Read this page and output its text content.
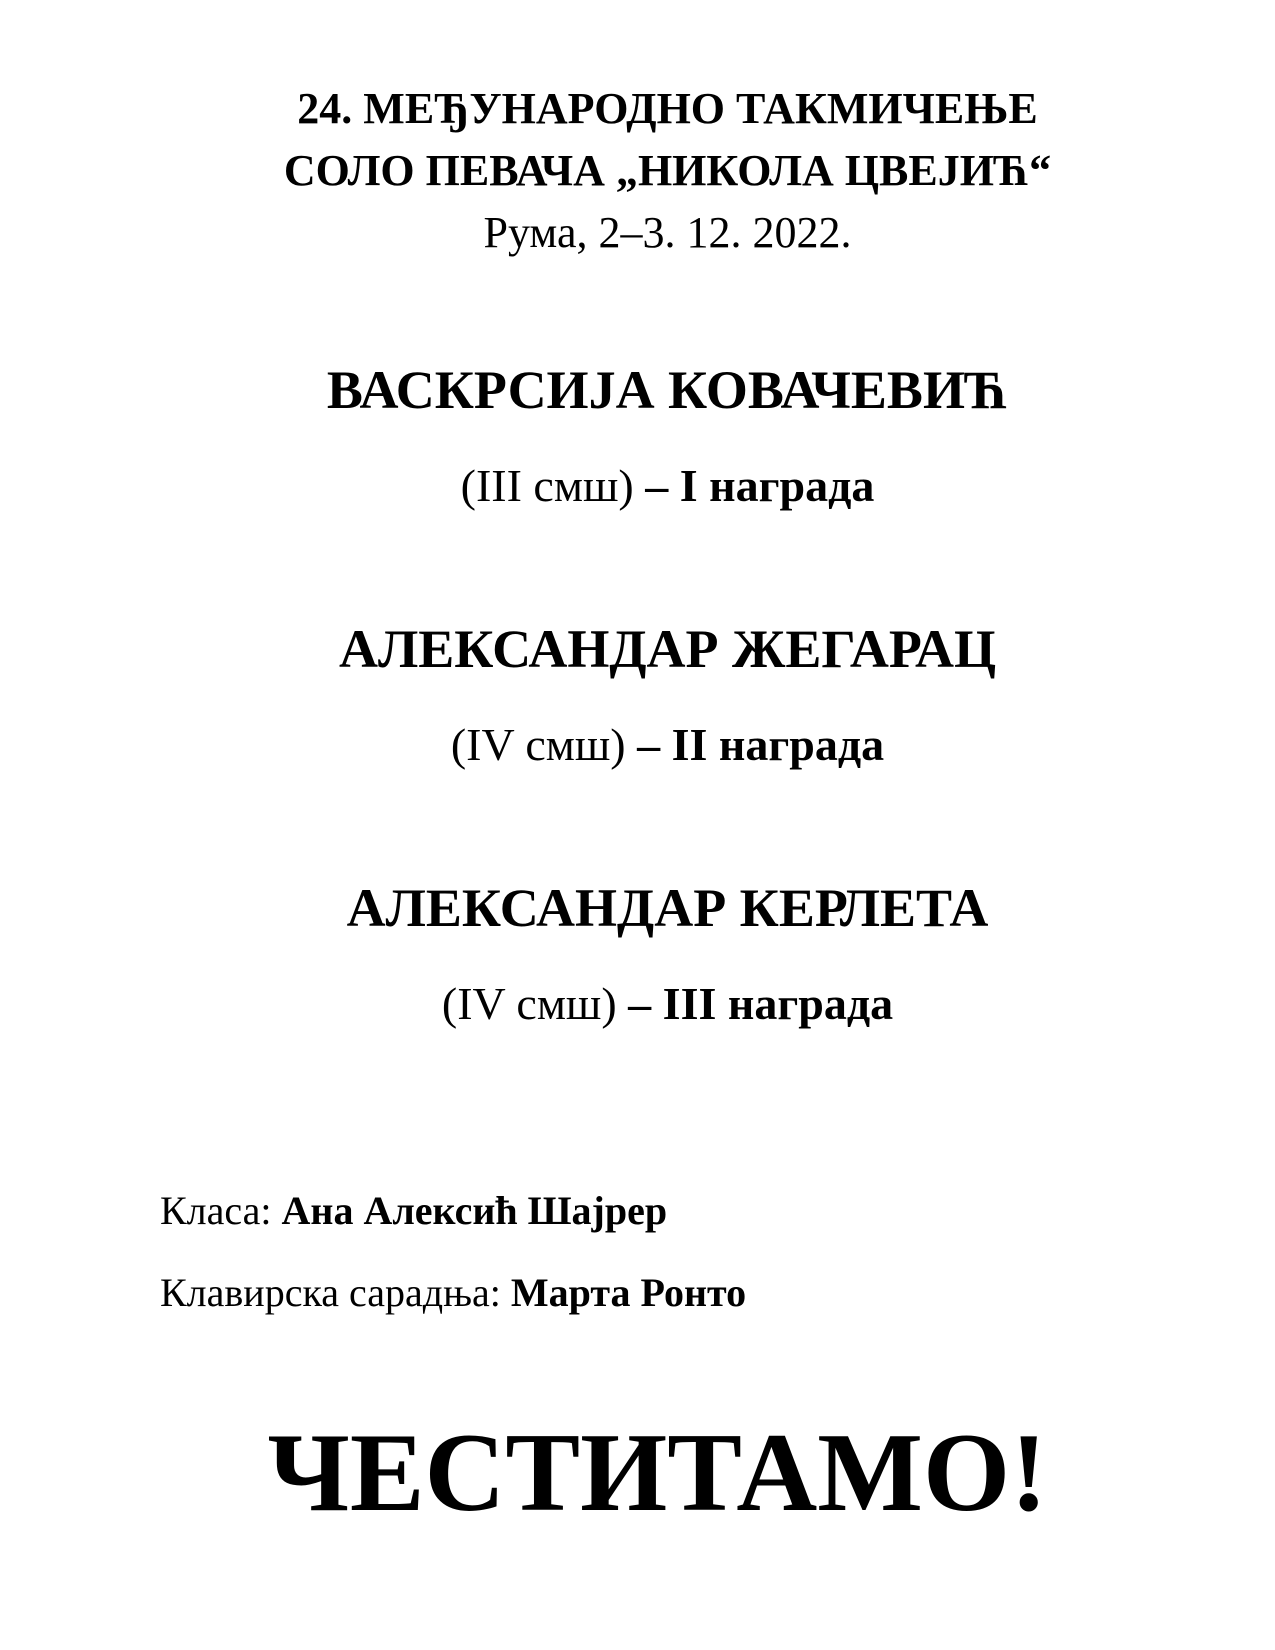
24. МЕЂУНАРОДНО ТАКМИЧЕЊЕ
СОЛО ПЕВАЧА „НИКОЛА ЦВЕЈИЋ“
Рума, 2–3. 12. 2022.
ВАСКРСИЈА КОВАЧЕВИЋ
(III смш) – I награда
АЛЕКСАНДАР ЖЕГАРАЦ
(IV смш) – II награда
АЛЕКСАНДАР КЕРЛЕТА
(IV смш) – III награда
Класа: Ана Алексић Шајрер
Клавирска сарадња: Марта Ронто
ЧЕСТИТАМО!
